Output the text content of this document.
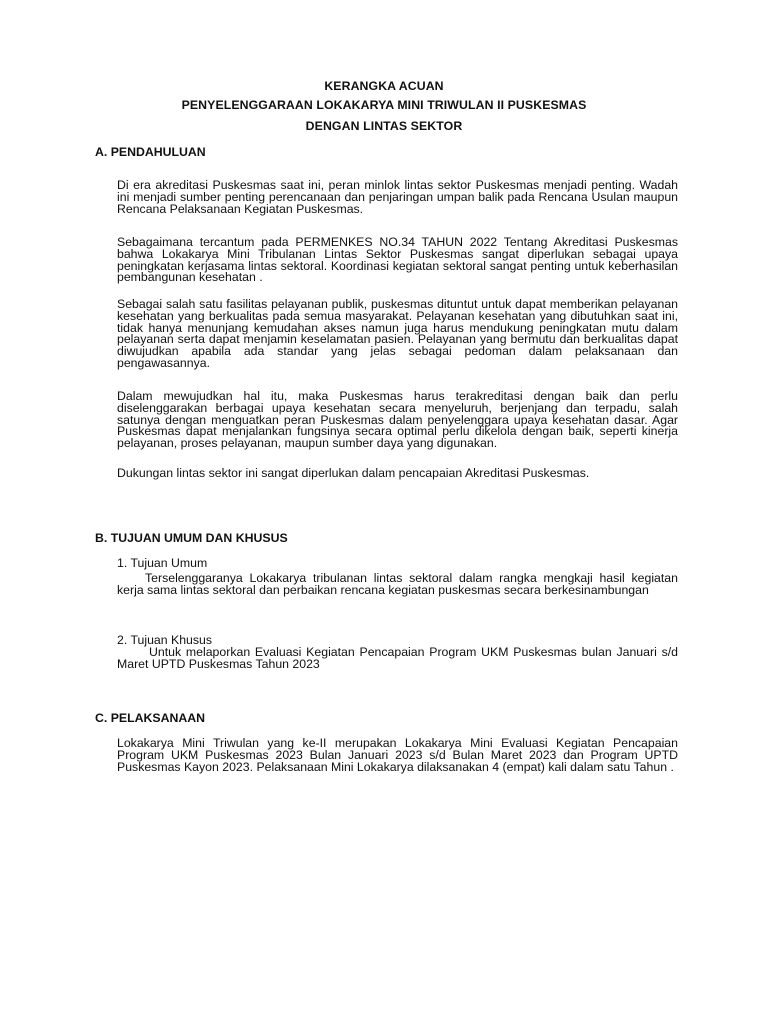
KERANGKA ACUAN
PENYELENGGARAAN LOKAKARYA MINI TRIWULAN II PUSKESMAS
DENGAN LINTAS SEKTOR
A. PENDAHULUAN
Di era akreditasi Puskesmas saat ini, peran minlok lintas sektor Puskesmas menjadi penting. Wadah ini menjadi sumber penting perencanaan dan penjaringan umpan balik pada Rencana Usulan maupun Rencana Pelaksanaan Kegiatan Puskesmas.
Sebagaimana tercantum pada PERMENKES NO.34 TAHUN 2022 Tentang Akreditasi Puskesmas bahwa Lokakarya Mini Tribulanan Lintas Sektor Puskesmas sangat diperlukan sebagai upaya peningkatan kerjasama lintas sektoral. Koordinasi kegiatan sektoral sangat penting untuk keberhasilan pembangunan kesehatan .
Sebagai salah satu fasilitas pelayanan publik, puskesmas dituntut untuk dapat memberikan pelayanan kesehatan yang berkualitas pada semua masyarakat. Pelayanan kesehatan yang dibutuhkan saat ini, tidak hanya menunjang kemudahan akses namun juga harus mendukung peningkatan mutu dalam pelayanan serta dapat menjamin keselamatan pasien. Pelayanan yang bermutu dan berkualitas dapat diwujudkan apabila ada standar yang jelas sebagai pedoman dalam pelaksanaan dan pengawasannya.
Dalam mewujudkan hal itu, maka Puskesmas harus terakreditasi dengan baik dan perlu diselenggarakan berbagai upaya kesehatan secara menyeluruh, berjenjang dan terpadu, salah satunya dengan menguatkan peran Puskesmas dalam penyelenggara upaya kesehatan dasar. Agar Puskesmas dapat menjalankan fungsinya secara optimal perlu dikelola dengan baik, seperti kinerja pelayanan, proses pelayanan, maupun sumber daya yang digunakan.
Dukungan lintas sektor ini sangat diperlukan dalam pencapaian Akreditasi Puskesmas.
B. TUJUAN UMUM DAN KHUSUS
1. Tujuan Umum
Terselenggaranya Lokakarya tribulanan lintas sektoral dalam rangka mengkaji hasil kegiatan kerja sama lintas sektoral dan perbaikan rencana kegiatan puskesmas secara berkesinambungan
2. Tujuan Khusus
Untuk melaporkan Evaluasi Kegiatan Pencapaian Program UKM Puskesmas bulan Januari s/d Maret UPTD Puskesmas Tahun 2023
C. PELAKSANAAN
Lokakarya Mini Triwulan yang ke-II merupakan Lokakarya Mini Evaluasi Kegiatan Pencapaian Program UKM Puskesmas 2023 Bulan Januari 2023 s/d Bulan Maret 2023 dan Program UPTD Puskesmas Kayon 2023. Pelaksanaan Mini Lokakarya dilaksanakan 4 (empat) kali dalam satu Tahun .
